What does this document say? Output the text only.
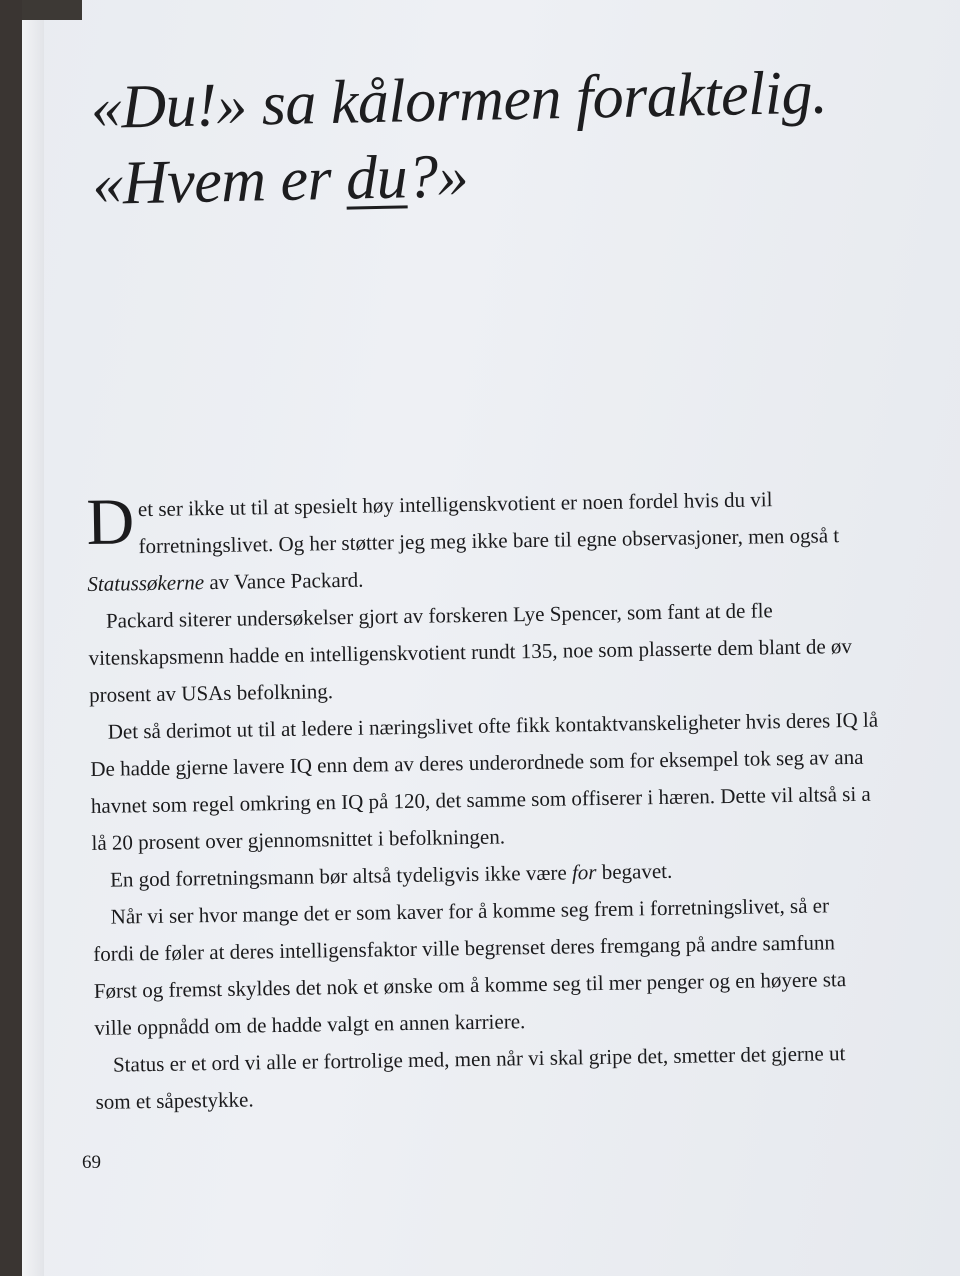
«Du!» sa kålormen foraktelig.
«Hvem er du?»
D et ser ikke ut til at spesielt høy intelligenskvotient er noen fordel hvis du vil
forretningslivet. Og her støtter jeg meg ikke bare til egne observasjoner, men også t
Statussøkerne av Vance Packard.
Packard siterer undersøkelser gjort av forskeren Lye Spencer, som fant at de fle
vitenskapsmenn hadde en intelligenskvotient rundt 135, noe som plasserte dem blant de øv
prosent av USAs befolkning.
Det så derimot ut til at ledere i næringslivet ofte fikk kontaktvanskeligheter hvis deres IQ lå
De hadde gjerne lavere IQ enn dem av deres underordnede som for eksempel tok seg av ana
havnet som regel omkring en IQ på 120, det samme som offiserer i hæren. Dette vil altså si a
lå 20 prosent over gjennomsnittet i befolkningen.
En god forretningsmann bør altså tydeligvis ikke være for begavet.
Når vi ser hvor mange det er som kaver for å komme seg frem i forretningslivet, så er
fordi de føler at deres intelligensfaktor ville begrenset deres fremgang på andre samfunn
Først og fremst skyldes det nok et ønske om å komme seg til mer penger og en høyere sta
ville oppnådd om de hadde valgt en annen karriere.
Status er et ord vi alle er fortrolige med, men når vi skal gripe det, smetter det gjerne ut
som et såpestykke.
69
